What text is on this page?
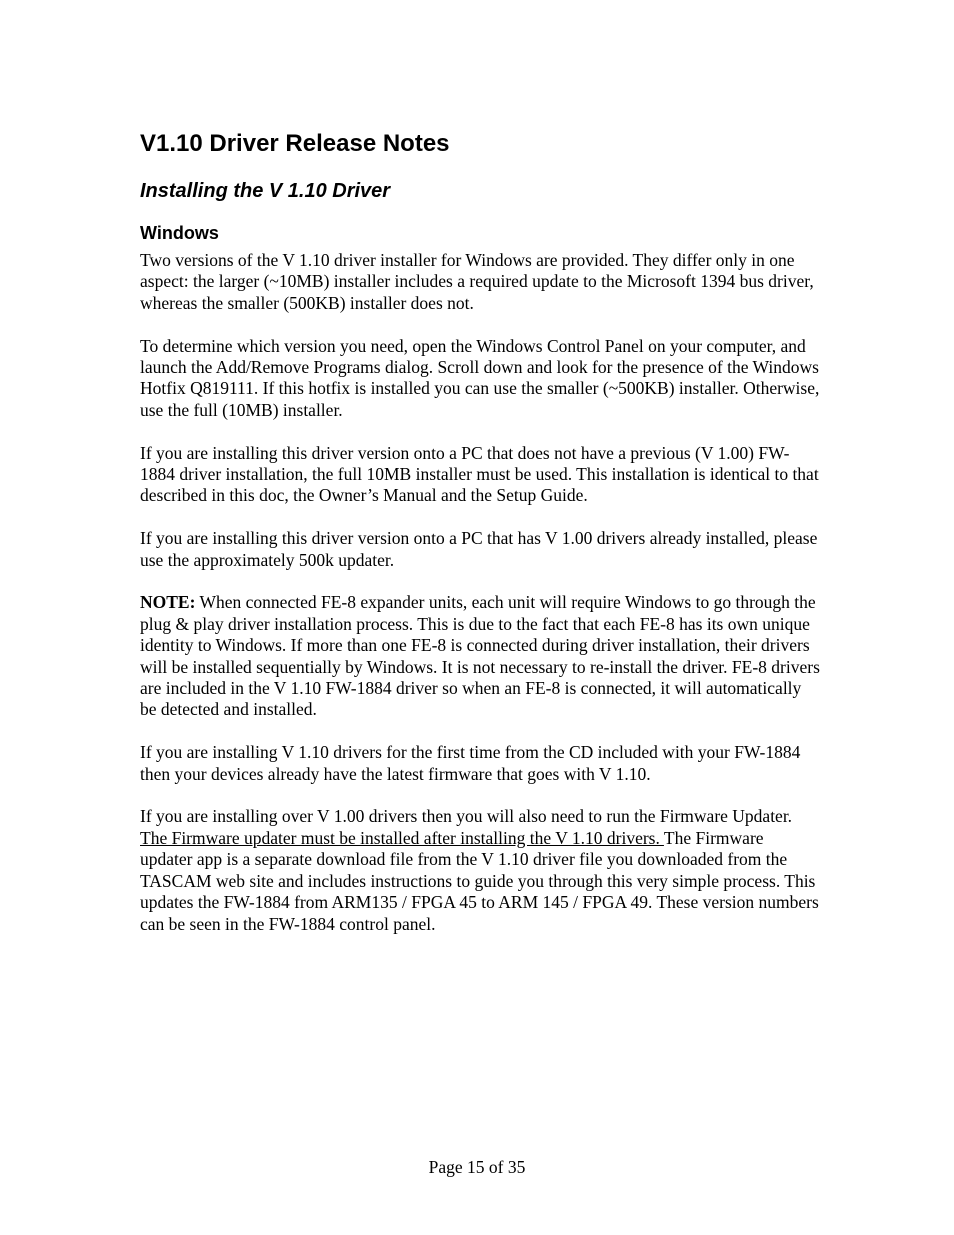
V1.10 Driver Release Notes
Installing the V 1.10 Driver
Windows

Two versions of the V 1.10 driver installer for Windows are provided. They differ only in one aspect: the larger (~10MB) installer includes a required update to the Microsoft 1394 bus driver, whereas the smaller (500KB) installer does not.

To determine which version you need, open the Windows Control Panel on your computer, and launch the Add/Remove Programs dialog. Scroll down and look for the presence of the Windows Hotfix Q819111. If this hotfix is installed you can use the smaller (~500KB) installer. Otherwise, use the full (10MB) installer.

If you are installing this driver version onto a PC that does not have a previous (V 1.00) FW-1884 driver installation, the full 10MB installer must be used. This installation is identical to that described in this doc, the Owner’s Manual and the Setup Guide.

If you are installing this driver version onto a PC that has V 1.00 drivers already installed, please use the approximately 500k updater.

NOTE: When connected FE-8 expander units, each unit will require Windows to go through the plug & play driver installation process. This is due to the fact that each FE-8 has its own unique identity to Windows. If more than one FE-8 is connected during driver installation, their drivers will be installed sequentially by Windows. It is not necessary to re-install the driver. FE-8 drivers are included in the V 1.10 FW-1884 driver so when an FE-8 is connected, it will automatically be detected and installed.

If you are installing V 1.10 drivers for the first time from the CD included with your FW-1884 then your devices already have the latest firmware that goes with V 1.10.

If you are installing over V 1.00 drivers then you will also need to run the Firmware Updater. The Firmware updater must be installed after installing the V 1.10 drivers. The Firmware updater app is a separate download file from the V 1.10 driver file you downloaded from the TASCAM web site and includes instructions to guide you through this very simple process. This updates the FW-1884 from ARM135 / FPGA 45 to ARM 145 / FPGA 49. These version numbers can be seen in the FW-1884 control panel.

Page 15 of 35
